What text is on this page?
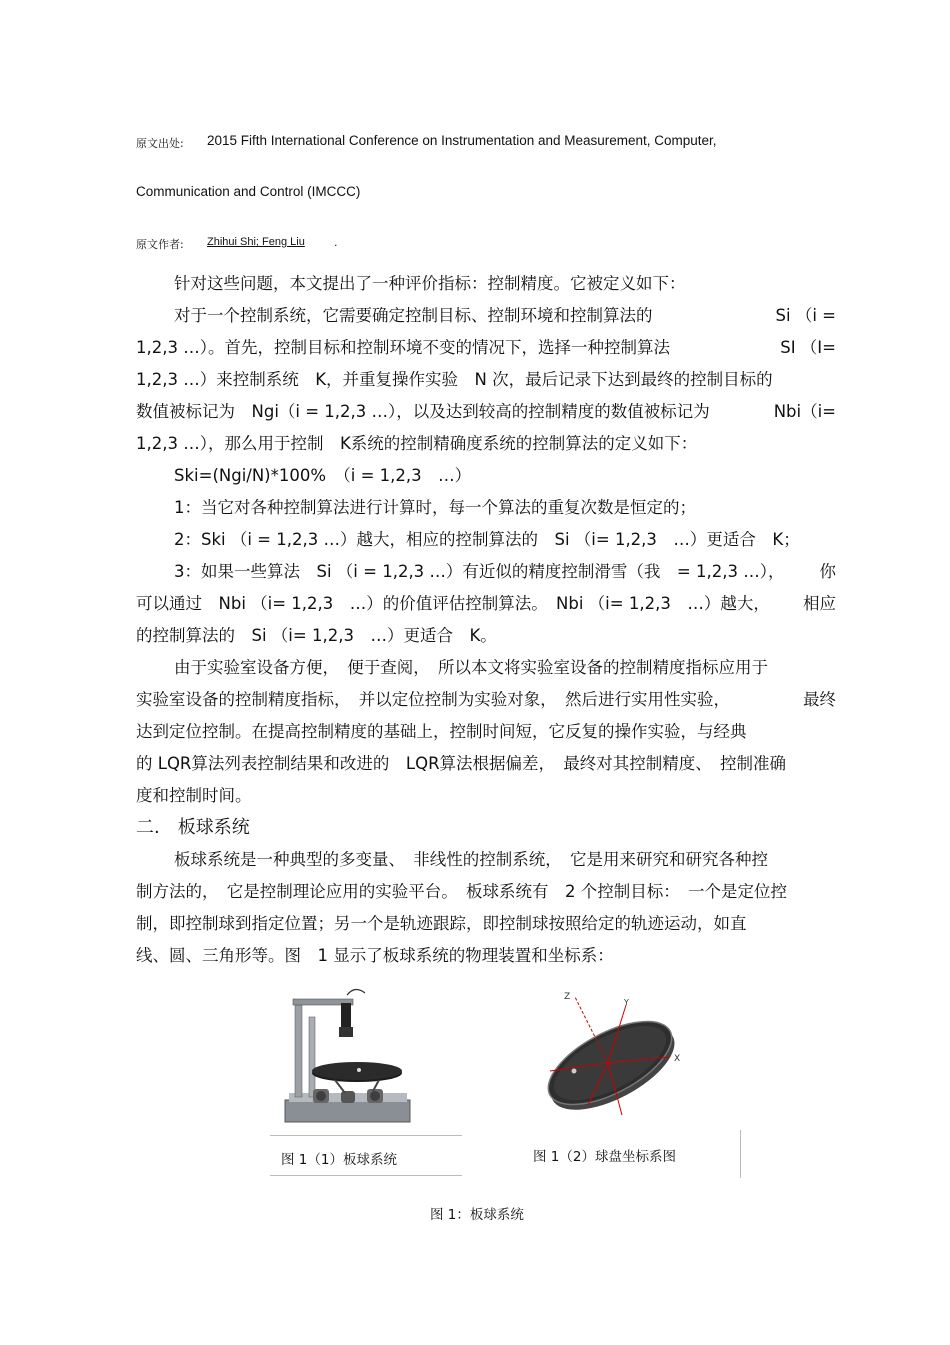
原文出处: 2015 Fifth International Conference on Instrumentation and Measurement, Computer,
Communication and Control (IMCCC)
原文作者: Zhihui Shi; Feng Liu	.
针对这些问题，本文提出了一种评价指标：控制精度。它被定义如下：
对于一个控制系统，它需要确定控制目标、控制环境和控制算法的	Si （i =
1,2,3 …）。首先，控制目标和控制环境不变的情况下，选择一种控制算法	SI （I=
1,2,3 …）来控制系统　K，并重复操作实验　N 次，最后记录下达到最终的控制目标的
数值被标记为　Ngi（i = 1,2,3 …），以及达到较高的控制精度的数值被标记为	Nbi（i=
1,2,3 …），那么用于控制　K系统的控制精确度系统的控制算法的定义如下：
Ski=(Ngi/N)*100%　（i = 1,2,3　…）
1：当它对各种控制算法进行计算时，每一个算法的重复次数是恒定的；
2：Ski （i = 1,2,3 …）越大，相应的控制算法的　Si （i= 1,2,3　…）更适合　K；
3：如果一些算法　Si （i = 1,2,3 …）有近似的精度控制滑雪（我　= 1,2,3 …）， 你
可以通过　Nbi （i= 1,2,3　…）的价值评估控制算法。　Nbi （i= 1,2,3　…）越大， 相应
的控制算法的　Si （i= 1,2,3　…）更适合　K。
由于实验室设备方便，　便于查阅，　所以本文将实验室设备的控制精度指标应用于
实验室设备的控制精度指标，　并以定位控制为实验对象，　然后进行实用性实验，	最终
达到定位控制。在提高控制精度的基础上，控制时间短，它反复的操作实验，与经典
的 LQR算法列表控制结果和改进的　LQR算法根据偏差，　最终对其控制精度、　控制准确
度和控制时间。
二.　板球系统
板球系统是一种典型的多变量、　非线性的控制系统，　它是用来研究和研究各种控
制方法的，　它是控制理论应用的实验平台。　板球系统有　2 个控制目标：　一个是定位控
制，即控制球到指定位置；另一个是轨迹跟踪，即控制球按照给定的轨迹运动，如直
线、圆、三角形等。图　1 显示了板球系统的物理装置和坐标系：
Z
Y
X
图 1（1）板球系统	图 1（2）球盘坐标系图
图 1：板球系统
